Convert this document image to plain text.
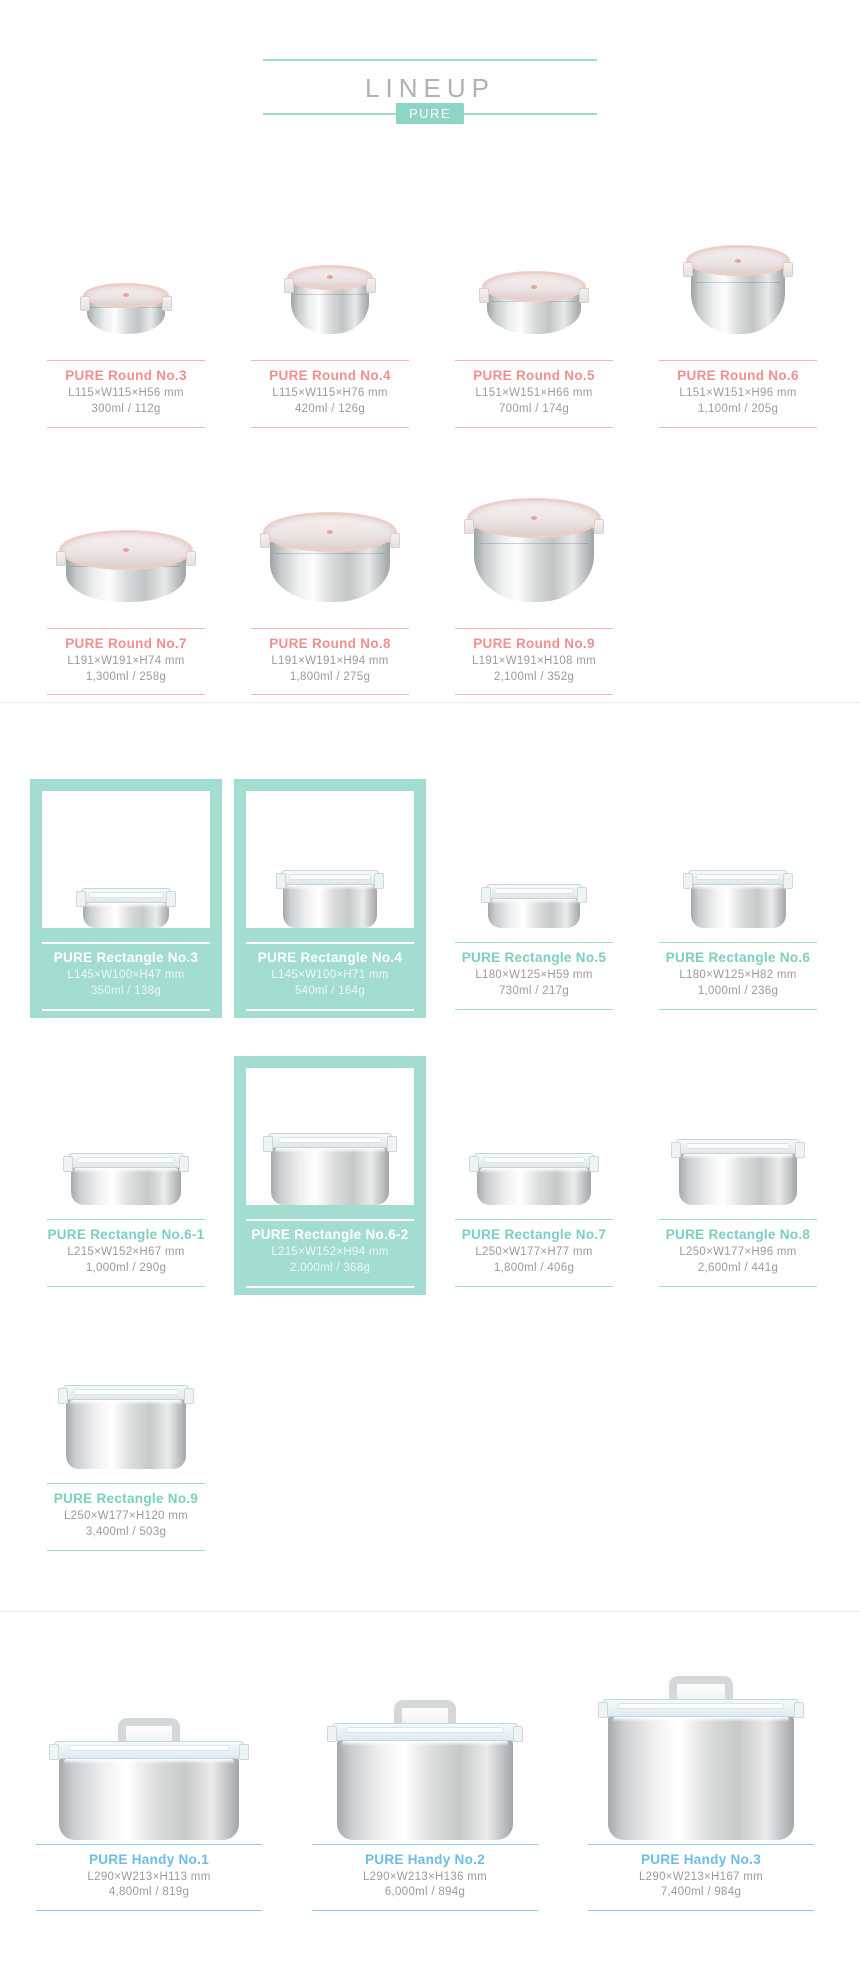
LINEUP
PURE
PURE Round No.3
L115×W115×H56 mm
300ml / 112g
PURE Round No.4
L115×W115×H76 mm
420ml / 126g
PURE Round No.5
L151×W151×H66 mm
700ml / 174g
PURE Round No.6
L151×W151×H96 mm
1,100ml / 205g
PURE Round No.7
L191×W191×H74 mm
1,300ml / 258g
PURE Round No.8
L191×W191×H94 mm
1,800ml / 275g
PURE Round No.9
L191×W191×H108 mm
2,100ml / 352g
PURE Rectangle No.3
L145×W100×H47 mm
350ml / 138g
PURE Rectangle No.4
L145×W100×H71 mm
540ml / 164g
PURE Rectangle No.5
L180×W125×H59 mm
730ml / 217g
PURE Rectangle No.6
L180×W125×H82 mm
1,000ml / 236g
PURE Rectangle No.6-1
L215×W152×H67 mm
1,000ml / 290g
PURE Rectangle No.6-2
L215×W152×H94 mm
2,000ml / 368g
PURE Rectangle No.7
L250×W177×H77 mm
1,800ml / 406g
PURE Rectangle No.8
L250×W177×H96 mm
2,600ml / 441g
PURE Rectangle No.9
L250×W177×H120 mm
3,400ml / 503g
PURE Handy No.1
L290×W213×H113 mm
4,800ml / 819g
PURE Handy No.2
L290×W213×H136 mm
6,000ml / 894g
PURE Handy No.3
L290×W213×H167 mm
7,400ml / 984g
